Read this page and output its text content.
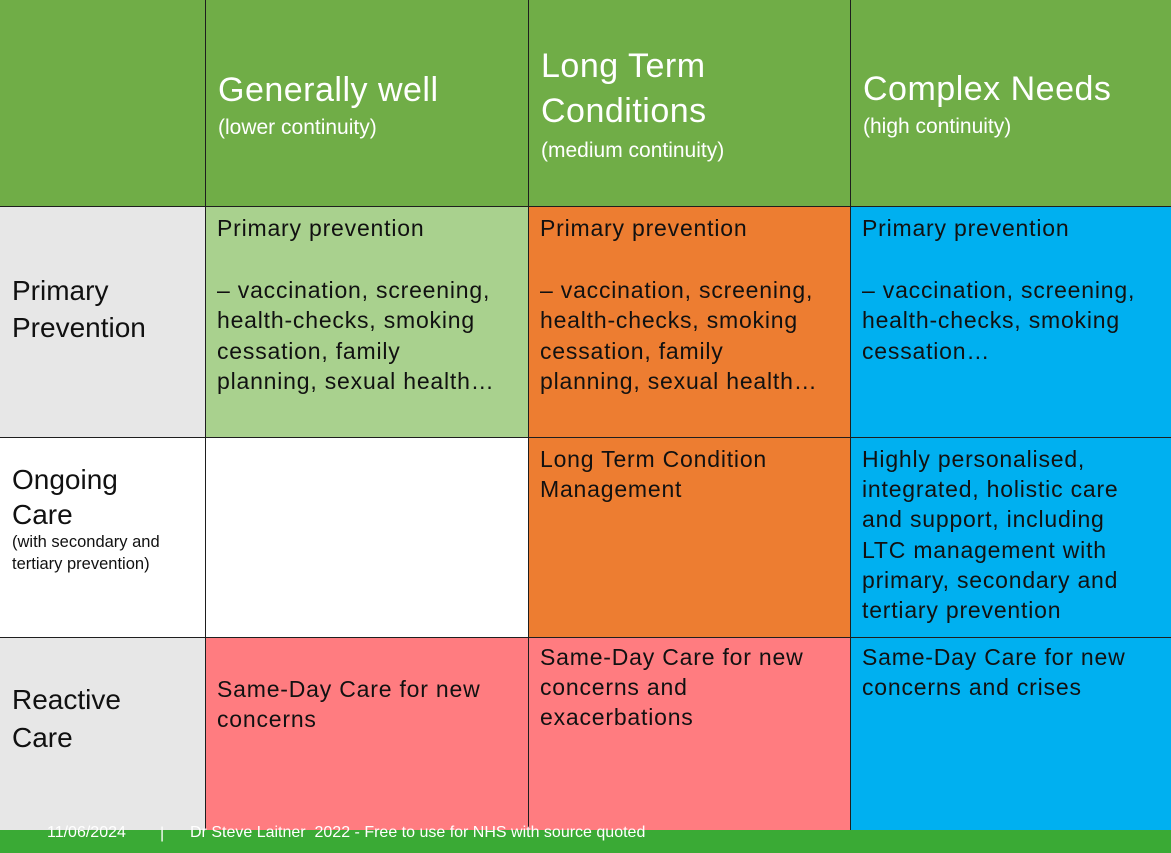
Generally well
(lower continuity)
Long Term
Conditions
(medium continuity)
Complex Needs
(high continuity)
Primary
Prevention

Primary prevention

– vaccination, screening,

health-checks, smoking

cessation, family

planning, sexual health…

Primary prevention

– vaccination, screening,

health-checks, smoking

cessation, family

planning, sexual health…

Primary prevention

– vaccination, screening,

health-checks, smoking

cessation…

Ongoing
Care
(with secondary and
tertiary prevention)

Long Term Condition

Management

Highly personalised,

integrated, holistic care

and support, including

LTC management with

primary, secondary and

tertiary prevention

Reactive
Care

Same-Day Care for new

concerns

Same-Day Care for new

concerns and

exacerbations

Same-Day Care for new

concerns and crises

11/06/2024 | Dr Steve Laitner  2022 - Free to use for NHS with source quoted
